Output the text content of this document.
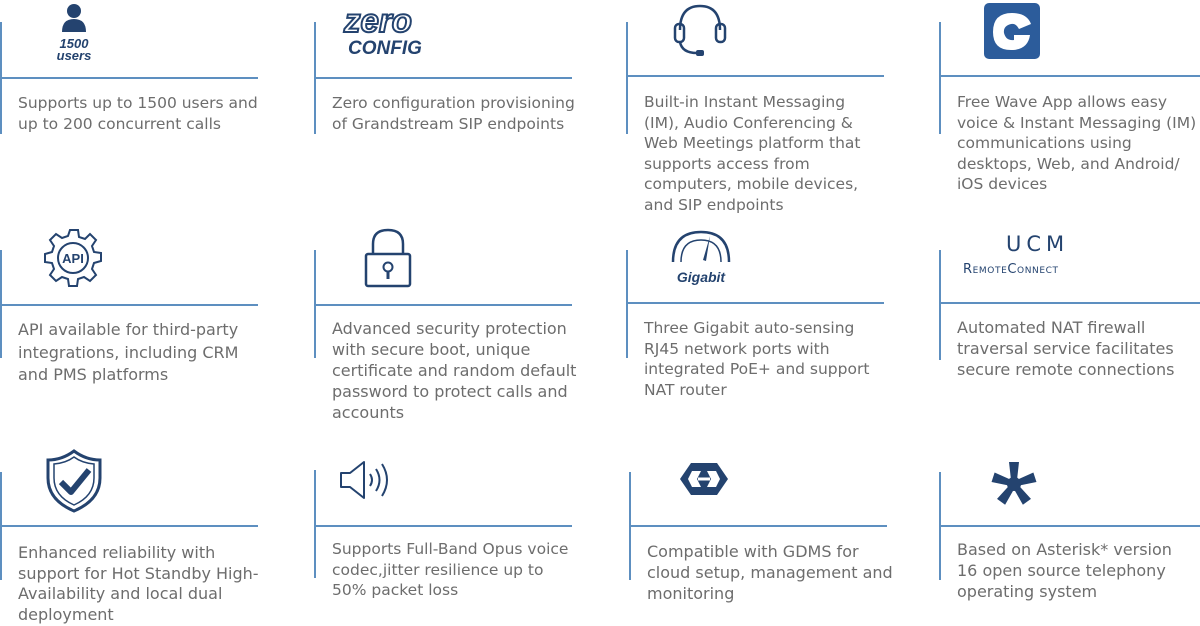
1500
users
Supports up to 1500 users and up to 200 concurrent calls
zero
CONFIG
Zero configuration provisioning of Grandstream SIP endpoints
Built-in Instant Messaging (IM), Audio Conferencing & Web Meetings platform that supports access from computers, mobile devices, and SIP endpoints
Free Wave App allows easy voice & Instant Messaging (IM) communications using desktops, Web, and Android/ iOS devices
API
API available for third-party integrations, including CRM and PMS platforms
Advanced security protection with secure boot, unique certificate and random default password to protect calls and accounts
Gigabit
Three Gigabit auto-sensing RJ45 network ports with integrated PoE+ and support NAT router
UCM
RemoteConnect
Automated NAT firewall traversal service facilitates secure remote connections
Enhanced reliability with support for Hot Standby High-Availability and local dual deployment
Supports Full-Band Opus voice codec,jitter resilience up to 50% packet loss
Compatible with GDMS for cloud setup, management and monitoring
Based on Asterisk* version 16 open source telephony operating system
